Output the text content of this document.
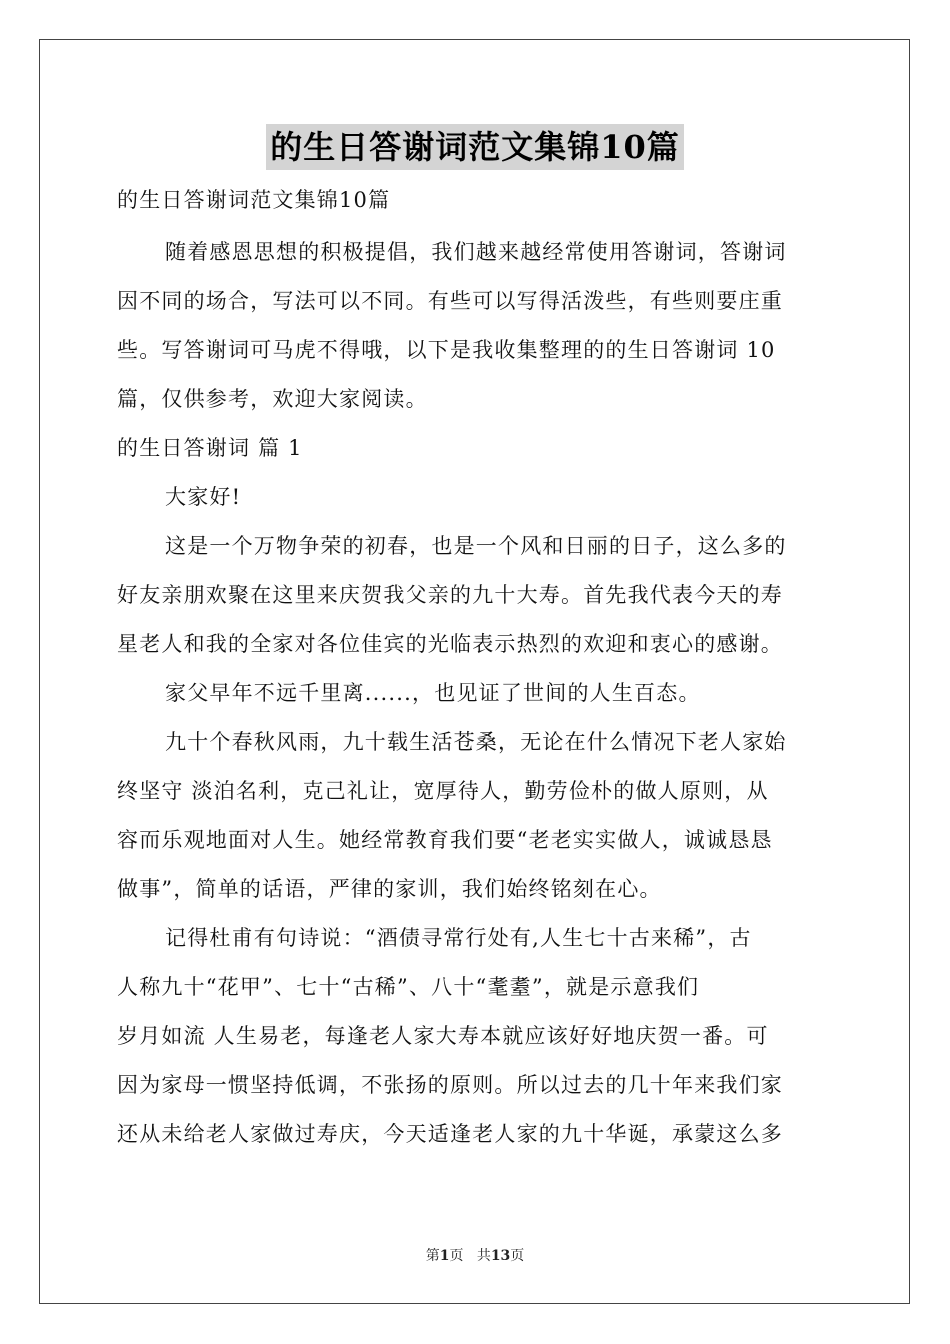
的生日答谢词范文集锦10篇
的生日答谢词范文集锦10篇
随着感恩思想的积极提倡，我们越来越经常使用答谢词，答谢词
因不同的场合，写法可以不同。有些可以写得活泼些，有些则要庄重
些。写答谢词可马虎不得哦，以下是我收集整理的的生日答谢词 10
篇，仅供参考，欢迎大家阅读。
的生日答谢词 篇 1
大家好!
这是一个万物争荣的初春，也是一个风和日丽的日子，这么多的
好友亲朋欢聚在这里来庆贺我父亲的九十大寿。首先我代表今天的寿
星老人和我的全家对各位佳宾的光临表示热烈的欢迎和衷心的感谢。
家父早年不远千里离......，也见证了世间的人生百态。
九十个春秋风雨，九十载生活苍桑，无论在什么情况下老人家始
终坚守 淡泊名利，克己礼让，宽厚待人，勤劳俭朴的做人原则，从
容而乐观地面对人生。她经常教育我们要“老老实实做人，诚诚恳恳
做事”，简单的话语，严律的家训，我们始终铭刻在心。
记得杜甫有句诗说：“酒债寻常行处有,人生七十古来稀”，古
人称九十“花甲”、七十“古稀”、八十“耄耋”，就是示意我们
岁月如流 人生易老，每逢老人家大寿本就应该好好地庆贺一番。可
因为家母一惯坚持低调，不张扬的原则。所以过去的几十年来我们家
还从未给老人家做过寿庆，今天适逢老人家的九十华诞，承蒙这么多
第1页 共13页
